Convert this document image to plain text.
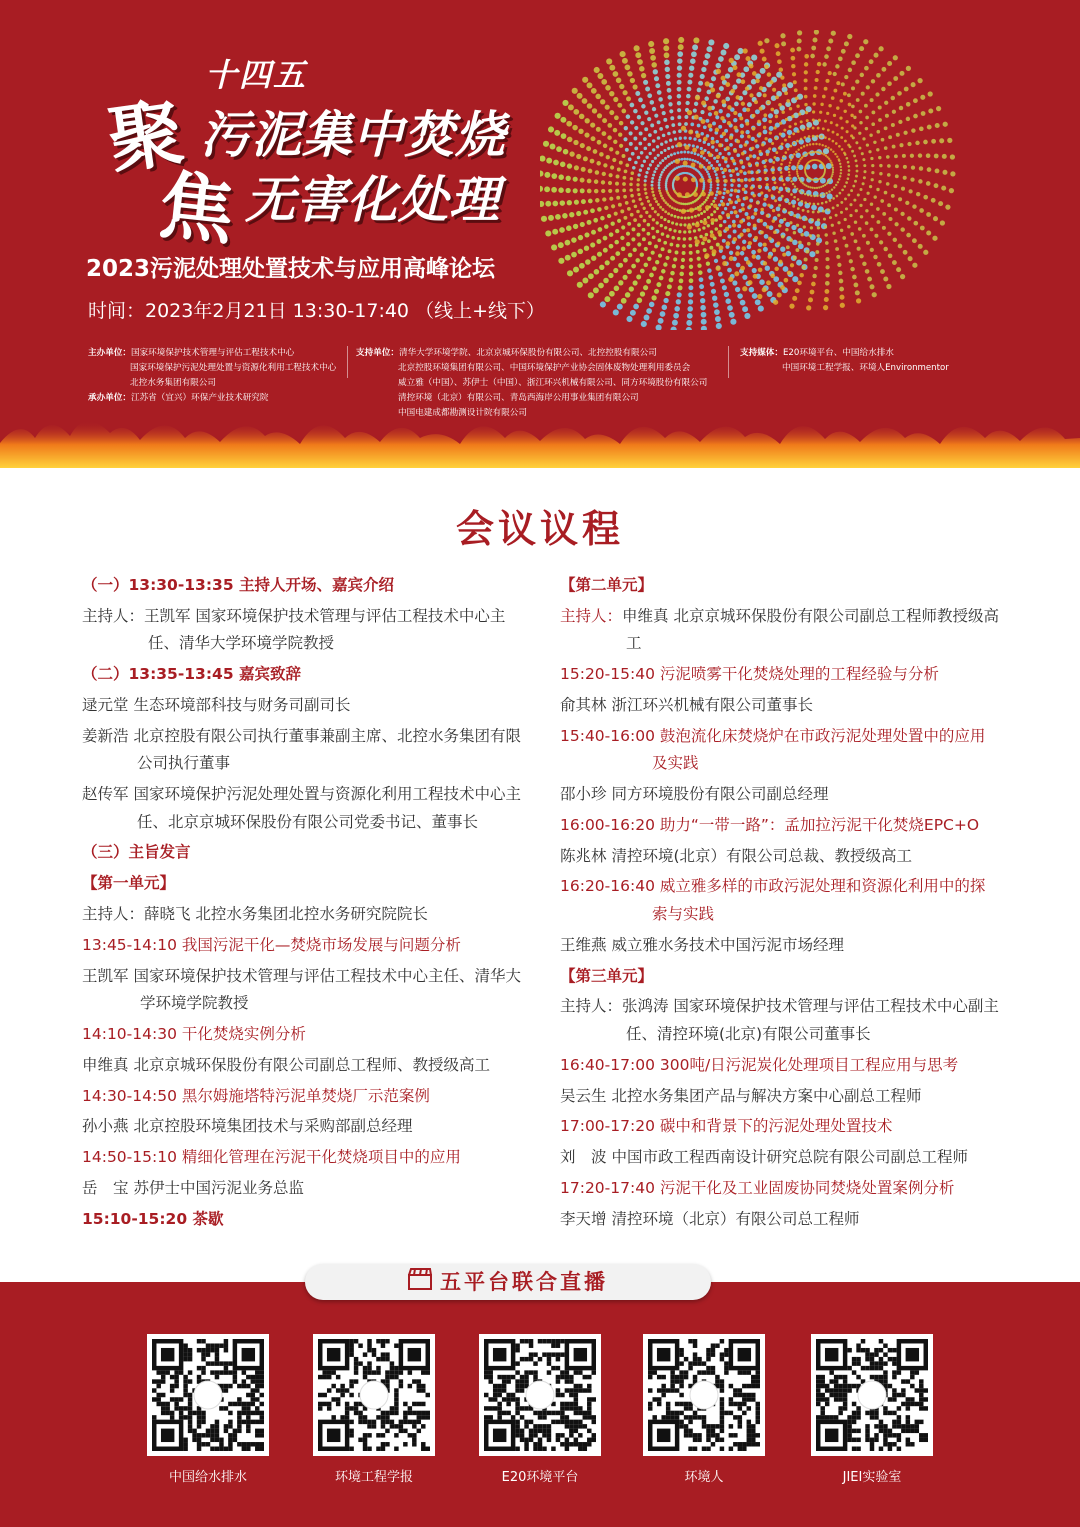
十四五
聚
焦
污泥集中焚烧
无害化处理
2023污泥处理处置技术与应用高峰论坛
时间：2023年2月21日 13:30-17:40 （线上+线下）
主办单位：国家环境保护技术管理与评估工程技术中心
国家环境保护污泥处理处置与资源化利用工程技术中心
北控水务集团有限公司
承办单位：江苏省（宜兴）环保产业技术研究院
支持单位：清华大学环境学院、北京京城环保股份有限公司、北控控股有限公司
北京控股环境集团有限公司、中国环境保护产业协会固体废物处理利用委员会
威立雅（中国）、苏伊士（中国）、浙江环兴机械有限公司、同方环境股份有限公司
清控环境（北京）有限公司、青岛西海岸公用事业集团有限公司
中国电建成都勘测设计院有限公司
支持媒体：E20环境平台、中国给水排水
中国环境工程学报、环境人Environmentor
会议议程
（一）13:30-13:35 主持人开场、嘉宾介绍
主持人：王凯军 国家环境保护技术管理与评估工程技术中心主任、清华大学环境学院教授
（二）13:35-13:45 嘉宾致辞
逯元堂 生态环境部科技与财务司副司长
姜新浩 北京控股有限公司执行董事兼副主席、北控水务集团有限公司执行董事
赵传军 国家环境保护污泥处理处置与资源化利用工程技术中心主任、北京京城环保股份有限公司党委书记、董事长
（三）主旨发言
【第一单元】
主持人：薛晓飞 北控水务集团北控水务研究院院长
13:45-14:10 我国污泥干化—焚烧市场发展与问题分析
王凯军 国家环境保护技术管理与评估工程技术中心主任、清华大学环境学院教授
14:10-14:30 干化焚烧实例分析
申维真 北京京城环保股份有限公司副总工程师、教授级高工
14:30-14:50 黑尔姆施塔特污泥单焚烧厂示范案例
孙小燕 北京控股环境集团技术与采购部副总经理
14:50-15:10 精细化管理在污泥干化焚烧项目中的应用
岳　宝 苏伊士中国污泥业务总监
15:10-15:20 茶歇
【第二单元】
主持人：申维真 北京京城环保股份有限公司副总工程师教授级高工
15:20-15:40 污泥喷雾干化焚烧处理的工程经验与分析
俞其林 浙江环兴机械有限公司董事长
15:40-16:00 鼓泡流化床焚烧炉在市政污泥处理处置中的应用及实践
邵小珍 同方环境股份有限公司副总经理
16:00-16:20 助力“一带一路”：孟加拉污泥干化焚烧EPC+O
陈兆林 清控环境(北京）有限公司总裁、教授级高工
16:20-16:40 威立雅多样的市政污泥处理和资源化利用中的探索与实践
王维燕 威立雅水务技术中国污泥市场经理
【第三单元】
主持人：张鸿涛 国家环境保护技术管理与评估工程技术中心副主任、清控环境(北京)有限公司董事长
16:40-17:00 300吨/日污泥炭化处理项目工程应用与思考
吴云生 北控水务集团产品与解决方案中心副总工程师
17:00-17:20 碳中和背景下的污泥处理处置技术
刘　波 中国市政工程西南设计研究总院有限公司副总工程师
17:20-17:40 污泥干化及工业固废协同焚烧处置案例分析
李天增 清控环境（北京）有限公司总工程师
五平台联合直播
中国给水排水	环境工程学报	E20环境平台	环境人	JIEI实验室
